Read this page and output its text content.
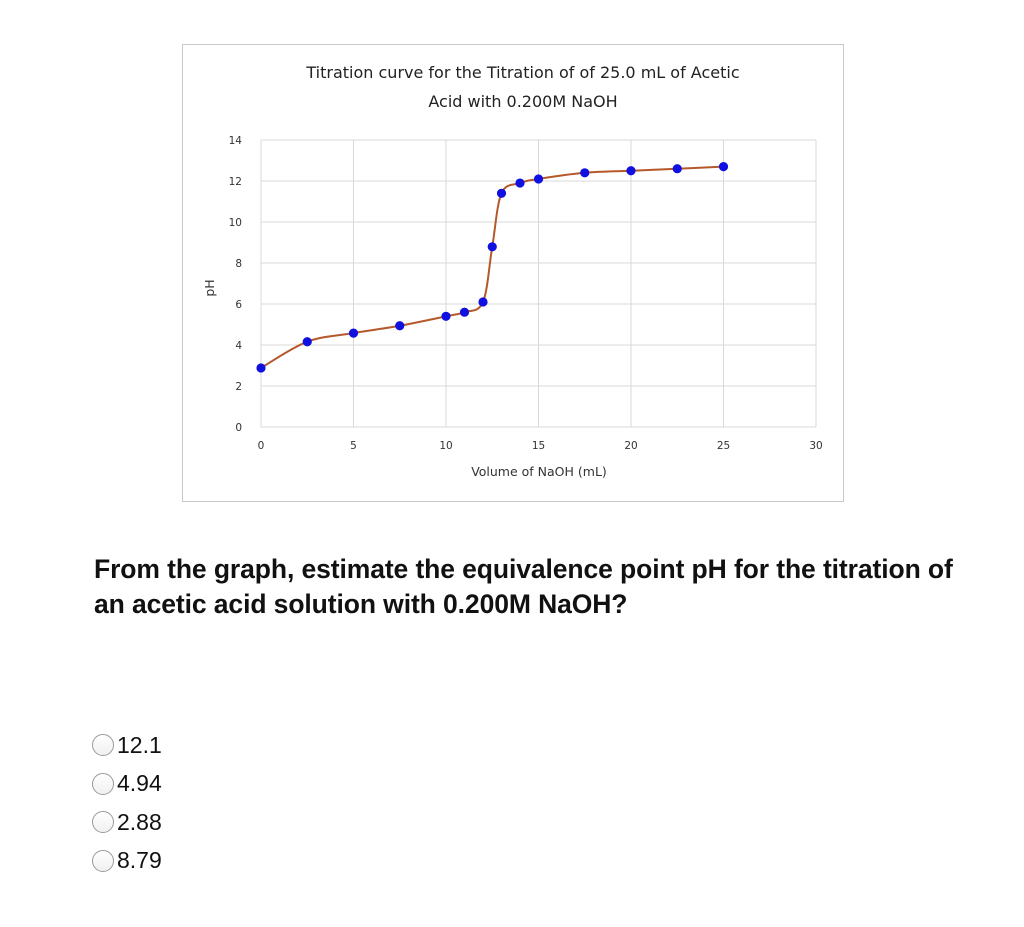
Titration curve for the Titration of of 25.0 mL of Acetic
Acid with 0.200M NaOH
0
2
4
6
8
10
12
14
0	5	10	15	20	25	30
Volume of NaOH (mL)
pH

From the graph, estimate the equivalence point pH for the titration of an acetic acid solution with 0.200M NaOH?

12.1
4.94
2.88
8.79
